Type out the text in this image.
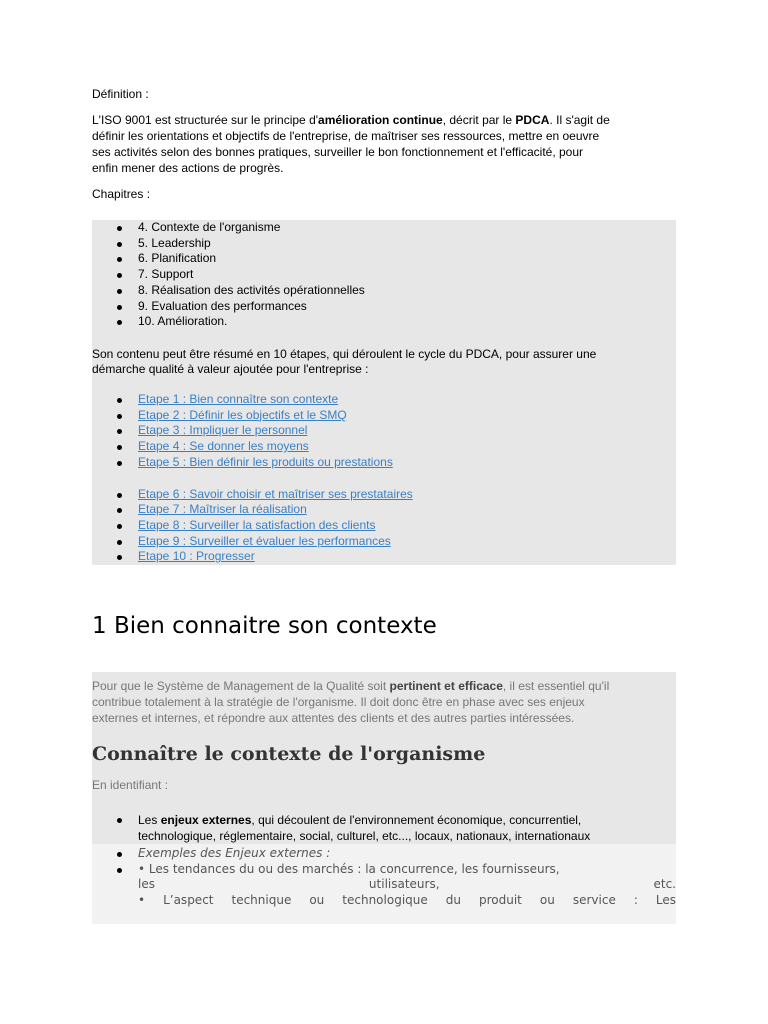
Définition :
L'ISO 9001 est structurée sur le principe d'amélioration continue, décrit par le PDCA. Il s'agit de
définir les orientations et objectifs de l'entreprise, de maîtriser ses ressources, mettre en oeuvre
ses activités selon des bonnes pratiques, surveiller le bon fonctionnement et l'efficacité, pour
enfin mener des actions de progrès.
Chapitres :
4. Contexte de l'organisme
5. Leadership
6. Planification
7. Support
8. Réalisation des activités opérationnelles
9. Evaluation des performances
10. Amélioration.
Son contenu peut être résumé en 10 étapes, qui déroulent le cycle du PDCA, pour assurer une
démarche qualité à valeur ajoutée pour l'entreprise :
Etape 1 : Bien connaître son contexte
Etape 2 : Définir les objectifs et le SMQ
Etape 3 : Impliquer le personnel
Etape 4 : Se donner les moyens
Etape 5 : Bien définir les produits ou prestations
Etape 6 : Savoir choisir et maîtriser ses prestataires
Etape 7 : Maîtriser la réalisation
Etape 8 : Surveiller la satisfaction des clients
Etape 9 : Surveiller et évaluer les performances
Etape 10 : Progresser
1 Bien connaitre son contexte
Pour que le Système de Management de la Qualité soit pertinent et efficace, il est essentiel qu'il
contribue totalement à la stratégie de l'organisme. Il doit donc être en phase avec ses enjeux
externes et internes, et répondre aux attentes des clients et des autres parties intéressées.
Connaître le contexte de l'organisme
En identifiant :
Les enjeux externes, qui découlent de l'environnement économique, concurrentiel,
technologique, réglementaire, social, culturel, etc..., locaux, nationaux, internationaux
Exemples des Enjeux externes :
• Les tendances du ou des marchés : la concurrence, les fournisseurs,
les utilisateurs, etc.
• L’aspect technique ou technologique du produit ou service : Les
